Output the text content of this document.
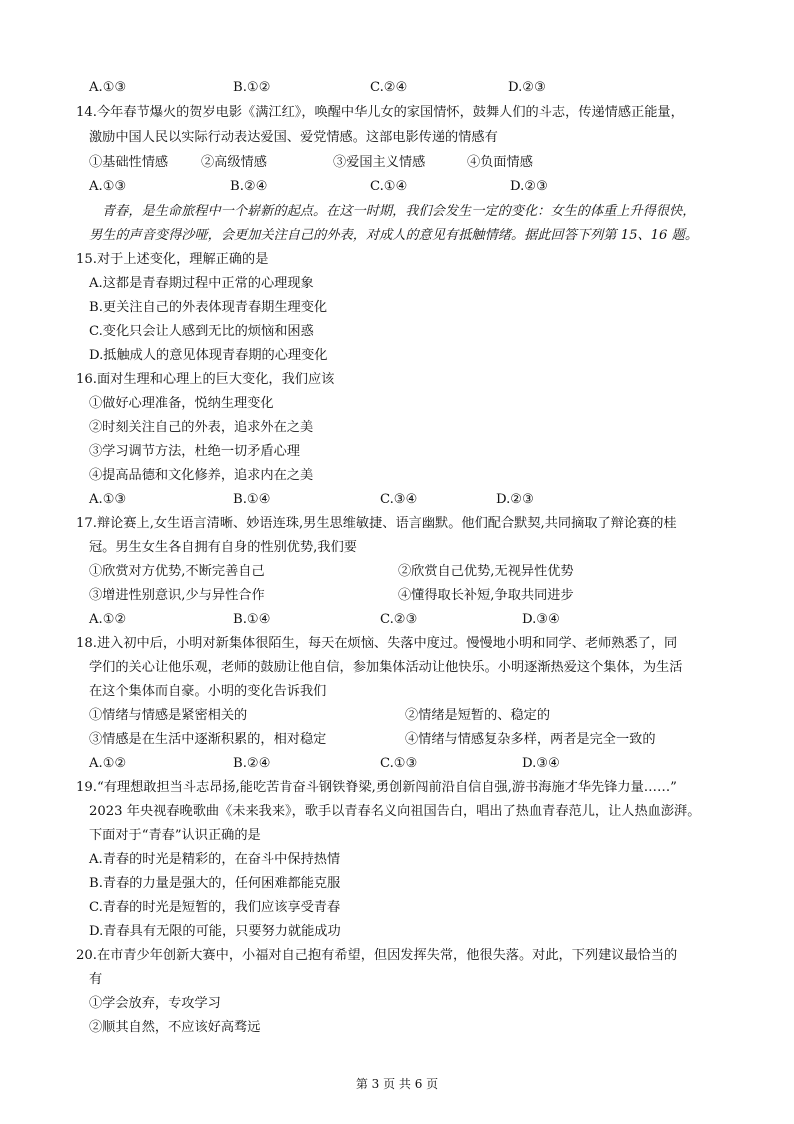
A.①③	B.①②	C.②④	D.②③
14.今年春节爆火的贺岁电影《满江红》，唤醒中华儿女的家国情怀，鼓舞人们的斗志，传递情感正能量，
激励中国人民以实际行动表达爱国、爱党情感。这部电影传递的情感有
①基础性情感 ②高级情感	③爱国主义情感	④负面情感
A.①③	B.②④	C.①④	D.②③
青春，是生命旅程中一个崭新的起点。在这一时期，我们会发生一定的变化：女生的体重上升得很快，
男生的声音变得沙哑，会更加关注自己的外表，对成人的意见有抵触情绪。据此回答下列第 15、16 题。
15.对于上述变化，理解正确的是
A.这都是青春期过程中正常的心理现象
B.更关注自己的外表体现青春期生理变化
C.变化只会让人感到无比的烦恼和困惑
D.抵触成人的意见体现青春期的心理变化
16.面对生理和心理上的巨大变化，我们应该
①做好心理准备，悦纳生理变化
②时刻关注自己的外表，追求外在之美
③学习调节方法，杜绝一切矛盾心理
④提高品德和文化修养，追求内在之美
A.①③	B.①④	C.③④	D.②③
17.辩论赛上,女生语言清晰、妙语连珠,男生思维敏捷、语言幽默。他们配合默契,共同摘取了辩论赛的桂
冠。男生女生各自拥有自身的性别优势,我们要
①欣赏对方优势,不断完善自己	②欣赏自己优势,无视异性优势
③增进性别意识,少与异性合作	④懂得取长补短,争取共同进步
A.①②	B.①④	C.②③	D.③④
18.进入初中后，小明对新集体很陌生，每天在烦恼、失落中度过。慢慢地小明和同学、老师熟悉了，同
学们的关心让他乐观，老师的鼓励让他自信，参加集体活动让他快乐。小明逐渐热爱这个集体，为生活
在这个集体而自豪。小明的变化告诉我们
①情绪与情感是紧密相关的	②情绪是短暂的、稳定的
③情感是在生活中逐渐积累的，相对稳定	④情绪与情感复杂多样，两者是完全一致的
A.①②	B.②④	C.①③	D.③④
19.“有理想敢担当斗志昂扬,能吃苦肯奋斗钢铁脊梁,勇创新闯前沿自信自强,游书海施才华先锋力量……”
2023 年央视春晚歌曲《未来我来》，歌手以青春名义向祖国告白，唱出了热血青春范儿，让人热血澎湃。
下面对于“青春”认识正确的是
A.青春的时光是精彩的，在奋斗中保持热情
B.青春的力量是强大的，任何困难都能克服
C.青春的时光是短暂的，我们应该享受青春
D.青春具有无限的可能，只要努力就能成功
20.在市青少年创新大赛中，小福对自己抱有希望，但因发挥失常，他很失落。对此，下列建议最恰当的
有
①学会放弃，专攻学习
②顺其自然，不应该好高骛远
第 3 页 共 6 页
